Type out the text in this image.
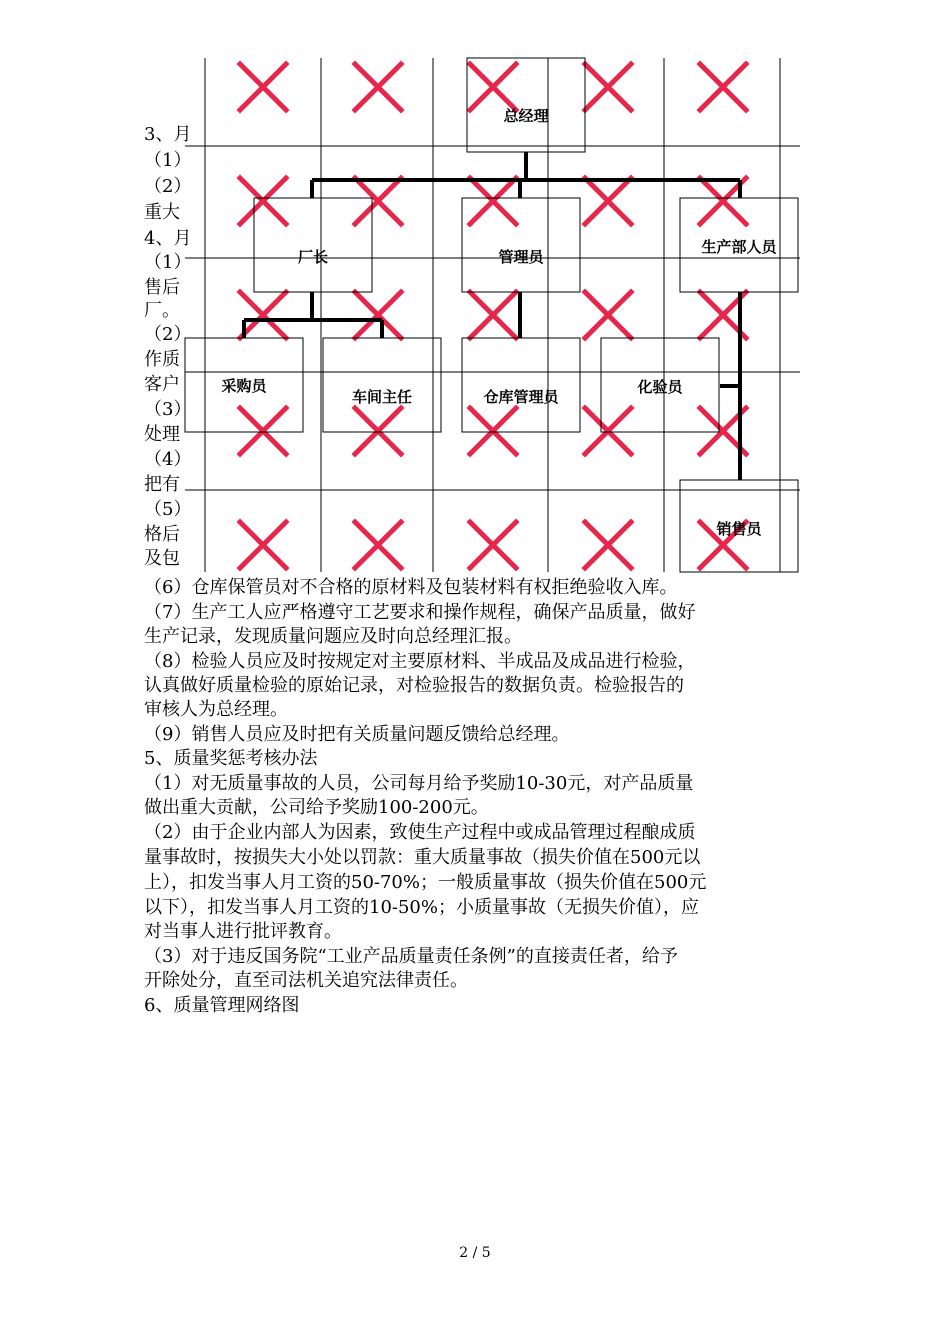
3、月
（1）
（2）
重大
4、月
（1）
售后
厂。
（2）
作质
客户
（3）
处理
（4）
把有
（5）
格后
及包
总经理
厂长	管理员
生产部人员
采购员
车间主任	仓库管理员
化验员
销售员
（6）仓库保管员对不合格的原材料及包装材料有权拒绝验收入库。
（7）生产工人应严格遵守工艺要求和操作规程，确保产品质量，做好
生产记录，发现质量问题应及时向总经理汇报。
（8）检验人员应及时按规定对主要原材料、半成品及成品进行检验，
认真做好质量检验的原始记录，对检验报告的数据负责。检验报告的
审核人为总经理。
（9）销售人员应及时把有关质量问题反馈给总经理。
5、质量奖惩考核办法
（1）对无质量事故的人员，公司每月给予奖励10-30元，对产品质量
做出重大贡献，公司给予奖励100-200元。
（2）由于企业内部人为因素，致使生产过程中或成品管理过程酿成质
量事故时，按损失大小处以罚款：重大质量事故（损失价值在500元以
上），扣发当事人月工资的50-70%；一般质量事故（损失价值在500元
以下），扣发当事人月工资的10-50%；小质量事故（无损失价值），应
对当事人进行批评教育。
（3）对于违反国务院“工业产品质量责任条例”的直接责任者，给予
开除处分，直至司法机关追究法律责任。
6、质量管理网络图
2 / 5
